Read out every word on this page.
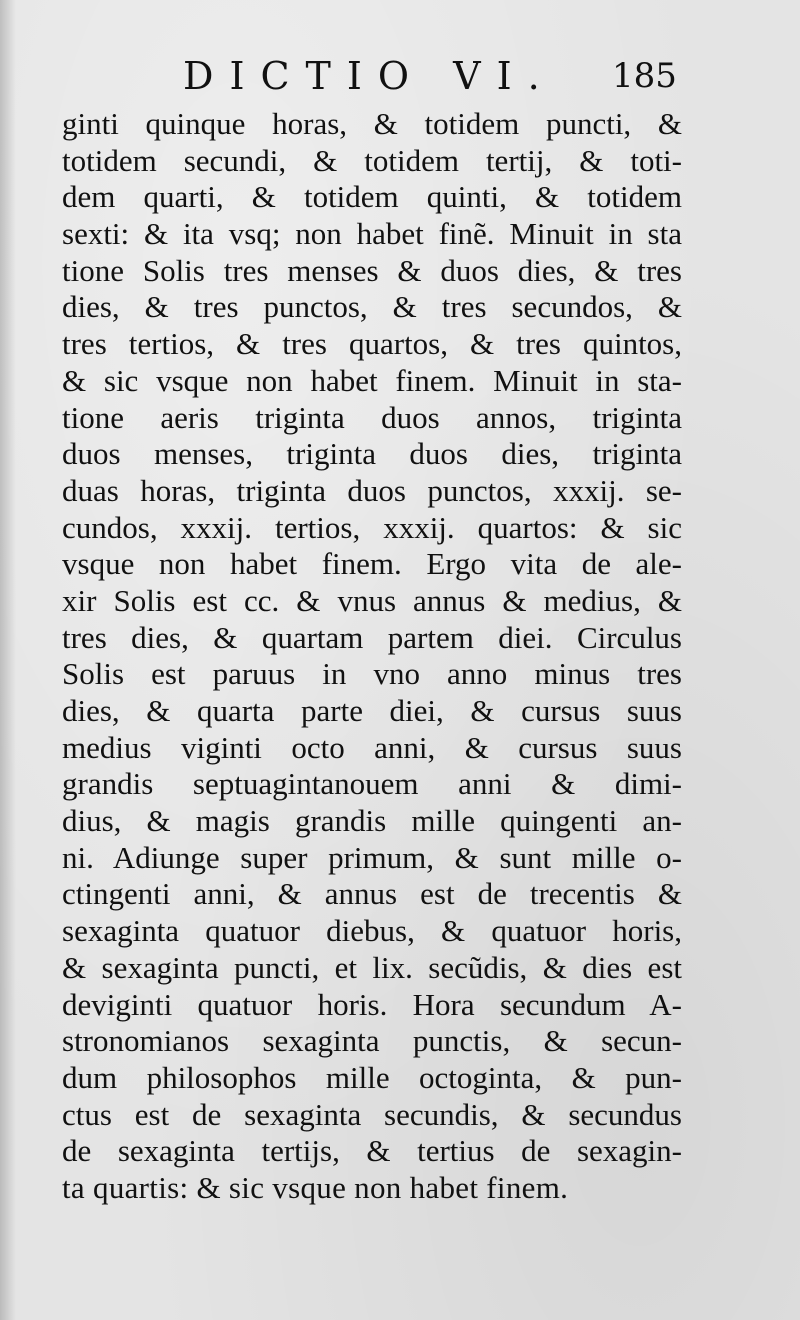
DICTIO VI. 185
ginti quinque horas, & totidem puncti, &
totidem secundi, & totidem tertij, & toti-
dem quarti, & totidem quinti, & totidem
sexti: & ita vsq; non habet finẽ. Minuit in sta
tione Solis tres menses & duos dies, & tres
dies, & tres punctos, & tres secundos, &
tres tertios, & tres quartos, & tres quintos,
& sic vsque non habet finem. Minuit in sta-
tione aeris triginta duos annos, triginta
duos menses, triginta duos dies, triginta
duas horas, triginta duos punctos, xxxij. se-
cundos, xxxij. tertios, xxxij. quartos: & sic
vsque non habet finem. Ergo vita de ale-
xir Solis est cc. & vnus annus & medius, &
tres dies, & quartam partem diei. Circulus
Solis est paruus in vno anno minus tres
dies, & quarta parte diei, & cursus suus
medius viginti octo anni, & cursus suus
grandis septuagintanouem anni & dimi-
dius, & magis grandis mille quingenti an-
ni. Adiunge super primum, & sunt mille o-
ctingenti anni, & annus est de trecentis &
sexaginta quatuor diebus, & quatuor horis,
& sexaginta puncti, et lix. secũdis, & dies est
deviginti quatuor horis. Hora secundum A-
stronomianos sexaginta punctis, & secun-
dum philosophos mille octoginta, & pun-
ctus est de sexaginta secundis, & secundus
de sexaginta tertijs, & tertius de sexagin-
ta quartis: & sic vsque non habet finem.
